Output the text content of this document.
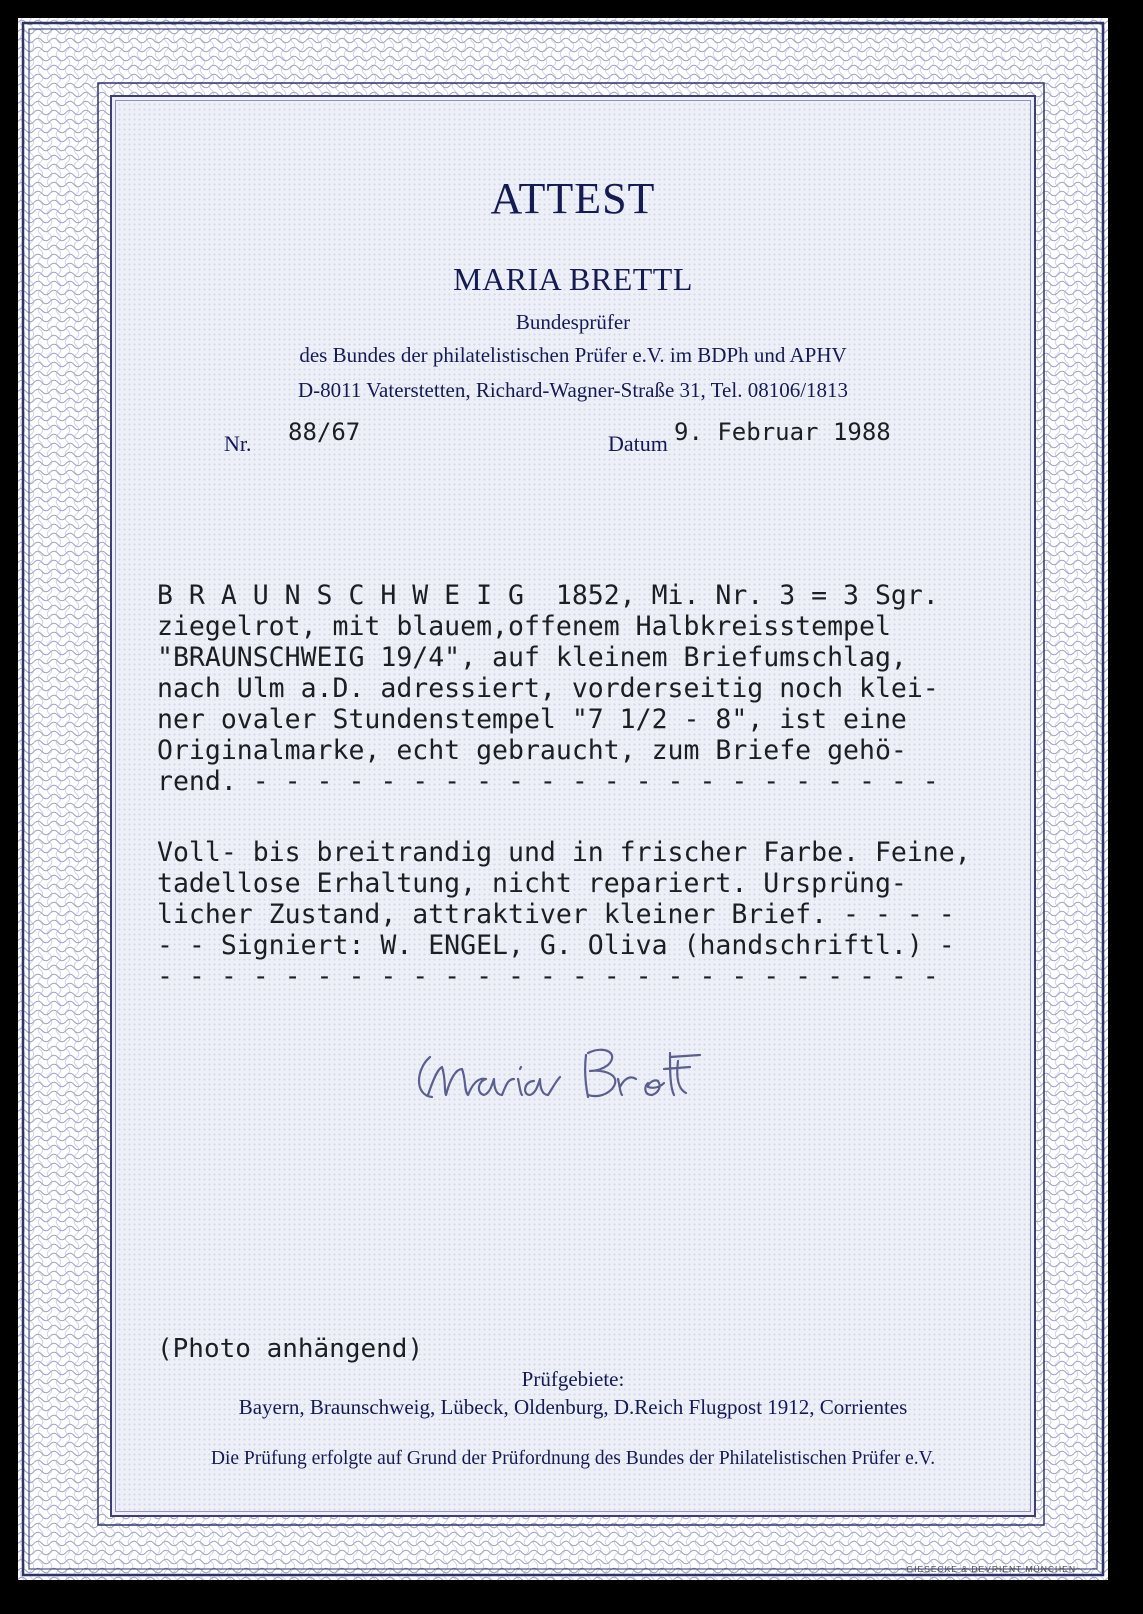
ATTEST
MARIA BRETTL
Bundesprüfer
des Bundes der philatelistischen Prüfer e.V. im BDPh und APHV
D-8011 Vaterstetten, Richard-Wagner-Straße 31, Tel. 08106/1813
Nr. 88/67	Datum 9. Februar 1988
B R A U N S C H W E I G  1852, Mi. Nr. 3 = 3 Sgr.
ziegelrot, mit blauem,offenem Halbkreisstempel
"BRAUNSCHWEIG 19/4", auf kleinem Briefumschlag,
nach Ulm a.D. adressiert, vorderseitig noch klei-
ner ovaler Stundenstempel "7 1/2 - 8", ist eine
Originalmarke, echt gebraucht, zum Briefe gehö-
rend. - - - - - - - - - - - - - - - - - - - - - -
Voll- bis breitrandig und in frischer Farbe. Feine,
tadellose Erhaltung, nicht repariert. Ursprüng-
licher Zustand, attraktiver kleiner Brief. - - - -
- - Signiert: W. ENGEL, G. Oliva (handschriftl.) -
- - - - - - - - - - - - - - - - - - - - - - - - -
(Photo anhängend)
Prüfgebiete:
Bayern, Braunschweig, Lübeck, Oldenburg, D.Reich Flugpost 1912, Corrientes
Die Prüfung erfolgte auf Grund der Prüfordnung des Bundes der Philatelistischen Prüfer e.V.
GIESECKE & DEVRIENT MÜNCHEN
